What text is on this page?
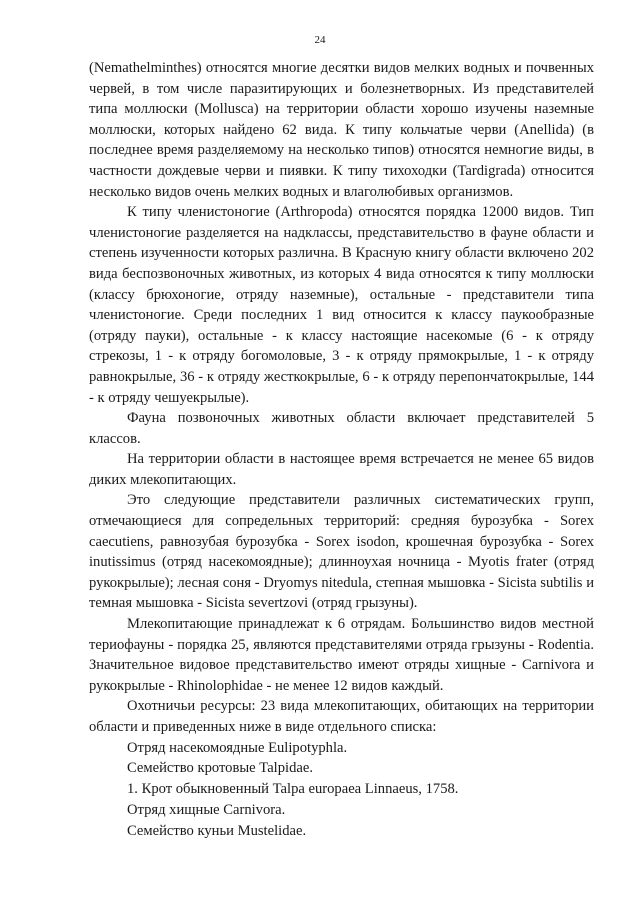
24

(Nemathelminthes) относятся многие десятки видов мелких водных и почвенных червей, в том числе паразитирующих и болезнетворных. Из представителей типа моллюски (Mollusca) на территории области хорошо изучены наземные моллюски, которых найдено 62 вида. К типу кольчатые черви (Anellida) (в последнее время разделяемому на несколько типов) относятся немногие виды, в частности дождевые черви и пиявки. К типу тихоходки (Tardigrada) относится несколько видов очень мелких водных и влаголюбивых организмов.

К типу членистоногие (Arthropoda) относятся порядка 12000 видов. Тип членистоногие разделяется на надклассы, представительство в фауне области и степень изученности которых различна. В Красную книгу области включено 202 вида беспозвоночных животных, из которых 4 вида относятся к типу моллюски (классу брюхоногие, отряду наземные), остальные - представители типа членистоногие. Среди последних 1 вид относится к классу паукообразные (отряду пауки), остальные - к классу настоящие насекомые (6 - к отряду стрекозы, 1 - к отряду богомоловые, 3 - к отряду прямокрылые, 1 - к отряду равнокрылые, 36 - к отряду жесткокрылые, 6 - к отряду перепончатокрылые, 144 - к отряду чешуекрылые).

Фауна позвоночных животных области включает представителей 5 классов.

На территории области в настоящее время встречается не менее 65 видов диких млекопитающих.

Это следующие представители различных систематических групп, отмечающиеся для сопредельных территорий: средняя бурозубка - Sorex caecutiens, равнозубая бурозубка - Sorex isodon, крошечная бурозубка - Sorex inutissimus (отряд насекомоядные); длинноухая ночница - Myotis frater (отряд рукокрылые); лесная соня - Dryomys nitedula, степная мышовка - Sicista subtilis и темная мышовка - Sicista severtzovi (отряд грызуны).

Млекопитающие принадлежат к 6 отрядам. Большинство видов местной териофауны - порядка 25, являются представителями отряда грызуны - Rodentia. Значительное видовое представительство имеют отряды хищные - Carnivora и рукокрылые - Rhinolophidae - не менее 12 видов каждый.

Охотничьи ресурсы: 23 вида млекопитающих, обитающих на территории области и приведенных ниже в виде отдельного списка:

Отряд насекомоядные Eulipotyphla.

Семейство кротовые Talpidae.

1. Крот обыкновенный Talpa europaea Linnaeus, 1758.

Отряд хищные Carnivora.

Семейство куньи Mustelidae.
